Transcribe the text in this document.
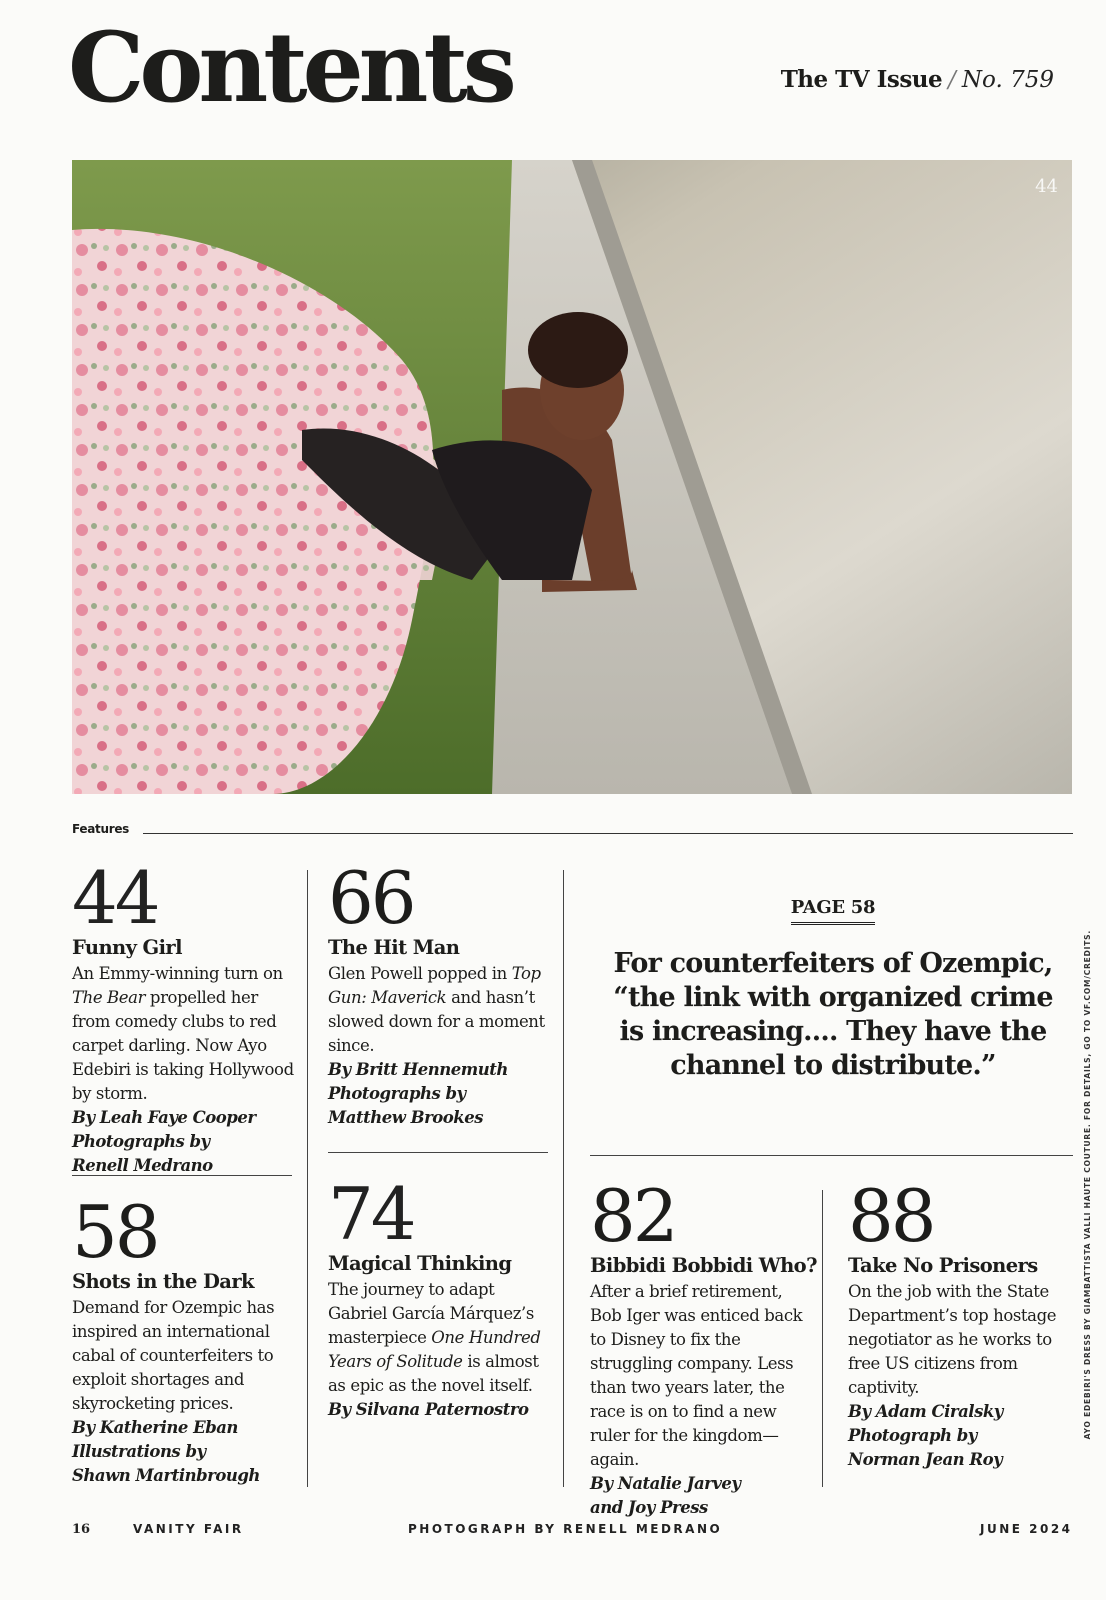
Contents	The TV Issue / No. 759
44
AYO EDEBIRI'S DRESS BY GIAMBATTISTA VALLI HAUTE COUTURE. FOR DETAILS, GO TO VF.COM/CREDITS.
Features
44
Funny Girl

An Emmy-winning turn on The Bear propelled her from comedy clubs to red carpet darling. Now Ayo Edebiri is taking Hollywood by storm.

By Leah Faye Cooper

Photographs by

Renell Medrano

66
The Hit Man

Glen Powell popped in Top Gun: Maverick and hasn’t slowed down for a moment since.

By Britt Hennemuth

Photographs by

Matthew Brookes

PAGE 58

For counterfeiters of Ozempic, “the link with organized crime is increasing.... They have the channel to distribute.”

58
Shots in the Dark

Demand for Ozempic has inspired an international cabal of counterfeiters to exploit shortages and skyrocketing prices.

By Katherine Eban

Illustrations by

Shawn Martinbrough

74
Magical Thinking

The journey to adapt Gabriel García Márquez’s masterpiece One Hundred Years of Solitude is almost as epic as the novel itself.

By Silvana Paternostro

82
Bibbidi Bobbidi Who?

After a brief retirement, Bob Iger was enticed back to Disney to fix the struggling company. Less than two years later, the race is on to find a new ruler for the kingdom—again.

By Natalie Jarvey

and Joy Press

88
Take No Prisoners

On the job with the State Department’s top hostage negotiator as he works to free US citizens from captivity.

By Adam Ciralsky

Photograph by

Norman Jean Roy

16	VANITY FAIR	PHOTOGRAPH BY RENELL MEDRANO	JUNE 2024
